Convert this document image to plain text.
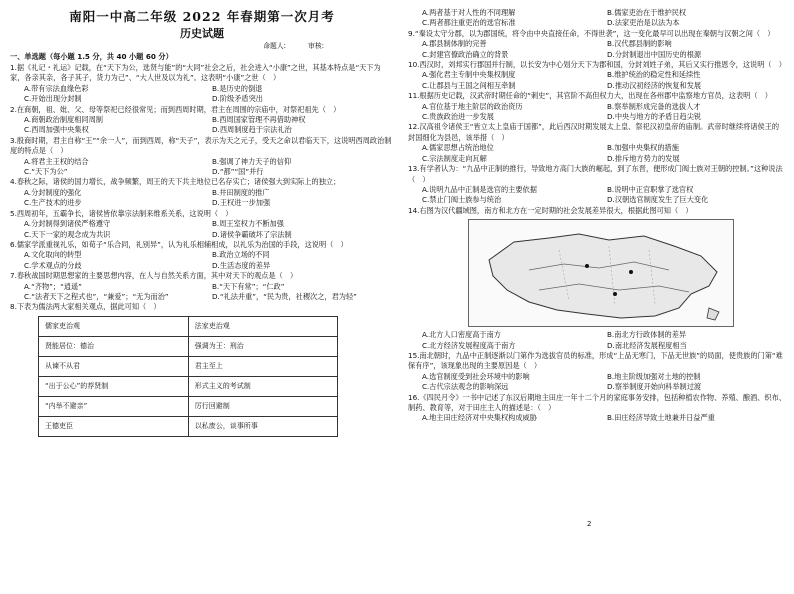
南阳一中高二年级 2022 年春期第一次月考
历史试题
命题人:	审核:
一、单选题（每小题 1.5 分，共 40 小题 60 分）

1.据《礼记・礼运》记载，在“天下为公，选贤与能”的“大同”社会之后，社会进入“小康”之世，其基本特点是“天下为家，各亲其亲，各子其子，货力为己”、“大人世及以为礼”。这表明“小康”之世（　）

A.带有宗法血缘色彩	B.是历史的倒退
C.开始出现分封制	D.阶级矛盾突出

2.在商朝，祖、妣、父、母等祭祀已经很常见；而到西周时期，君主在周围的宗庙中，对祭祀祖先（　）

A.商朝政治制度相同周制	B.西周国家管理不再借助神权
C.西周加强中央集权	D.西周制度趋于宗法礼治

3.殷商时期，君主自称“王”“余一人”，而到西周，称“天子”，表示为天之元子，受天之命以君临天下，这说明西周政治制度的特点是（　）

A.将君主王权的结合	B.强调了神力天子的信仰
C.“天下为公”	D.“都”“国”并行

4.春秋之际，诸侯的国力增长，战争频繁，周王的天下共主地位已名存实亡；诸侯强大到实际上的独立；

A.分封制度的强化	B.井田制度的推广
C.生产技术的进步	D.王权进一步加强

5.西周初年，五霸争长，诸侯皆依靠宗法制来维系关系，这说明（　）

A.分封制得到诸侯严格遵守	B.周王室权力不断加强
C.天下一家的观念成为共识	D.诸侯争霸破坏了宗法制

6.儒家学派重视礼乐，如荀子“乐合同，礼别异”，认为礼乐相辅相成，以礼乐为治国的手段，这说明（　）

A.文化取向的转型	B.政治立场的不同
C.学术观点的分歧	D.生活态度的差异

7.春秋战国时期思想家的主要思想内容，在人与自然关系方面，其中对天下的观点是（　）

A.“齐物”；“逍遥”	B.“天下有常”；“仁政”
C.“法者天下之程式也”，“兼爱”；“无为而治”	D.“礼法并重”，“民为贵，社稷次之，君为轻”

8.下表为儒法两大家相关观点，据此可知（　）

儒家吏治观	法家吏治观
贤能居位：德治	强调为王：刑治
从谏不从君	君主至上
“出于公心”的荐贤制	形式主义的考试制
“内举不避亲”	厉行回避制
王德吏臣	以私废公，谈事所事
A.两者基于对人性的不同理解	B.儒家吏治在于维护民权
C.两者都注重吏治的选官标准	D.法家吏治是以法为本

9.“秦设太守分郡，以为郡国统，将令由中央直接任命，不得世袭”，这一变化最早可以出现在秦朝与汉朝之间（　）

A.郡县制体制的完善	B.汉代郡县制的影响
C.封建官僚政治确立的背景	D.分封制退出中国历史的根源

10.西汉时，刘邦实行郡国并行制，以长安为中心划分天下为郡和国，分封刘姓子弟，其后又实行推恩令，这说明（　）

A.强化君主专制中央集权制度	B.维护统治的稳定性和延续性
C.让郡县与王国之间相互牵制	D.推动汉初经济的恢复和发展

11.根据历史记载，汉武帝时期任命的“刺史”，其官阶不高但权力大，出现在各州郡中监察地方官员，这表明（　）

A.官位基于地主阶层的政治资历	B.察举制形成完备的选拔人才
C.贵族政治进一步发展	D.中央与地方的矛盾日趋尖锐

12.汉高祖令诸侯王“皆立太上皇庙于国都”，此后西汉时期发展太上皇、祭祀汉初皇帝的庙制。武帝时继续将诸侯王的封国细化为县邑，该举措（　）

A.儒家思想占统治地位	B.加强中央集权的措施
C.宗法制度走向瓦解	D.排斥地方势力的发展

13.有学者认为：“九品中正制的推行，导致地方高门大族的崛起，到了东晋，便形成门阀士族对王朝的控制。”这种说法（　）

A.说明九品中正制是选官的主要依据	B.说明中正官职掌了选官权
C.禁止门阀士族参与统治	D.汉朝选官制度发生了巨大变化

14.右图为汉代疆域图，南方和北方在一定时期的社会发展差异很大，根据此图可知（　）

A.北方人口密度高于南方	B.南北方行政体制的差异
C.北方经济发展程度高于南方	D.南北经济发展程度相当

15.南北朝时，九品中正制逐渐以门第作为选拔官员的标准，形成“上品无寒门，下品无世族”的局面，使贵族的门第“难保有序”，该现象出现的主要原因是（　）

A.选官制度受到社会环境中的影响	B.地主阶级加强对土地的控制
C.古代宗法观念的影响深远	D.察举制度开始向科举制过渡

16.《四民月令》一书中记述了东汉后期地主田庄一年十二个月的家庭事务安排，包括种植农作物、养殖、酿酒、织布、制药、教育等，对于田庄主人的描述是：（　）

A.地主田庄经济对中央集权构成威胁	B.田庄经济导致土地兼并日益严重
2
